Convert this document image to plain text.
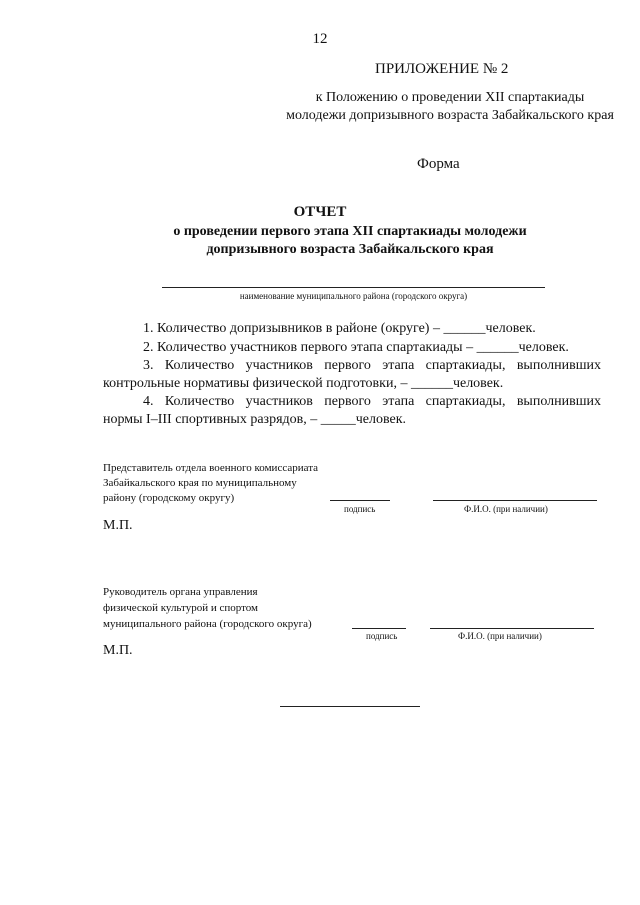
12
ПРИЛОЖЕНИЕ № 2
к Положению о проведении XII спартакиады молодежи допризывного возраста Забайкальского края
Форма
ОТЧЕТ
о проведении первого этапа XII спартакиады молодежи допризывного возраста Забайкальского края
наименование муниципального района (городского округа)
1. Количество допризывников в районе (округе) – ______человек.
2. Количество участников первого этапа спартакиады – ______человек.
3. Количество участников первого этапа спартакиады, выполнивших
контрольные нормативы физической подготовки, – ______человек.
4. Количество участников первого этапа спартакиады, выполнивших
нормы I–III спортивных разрядов, – _____человек.
Представитель отдела военного комиссариата
Забайкальского края по муниципальному
району (городскому округу)
подпись	Ф.И.О. (при наличии)
М.П.
Руководитель органа управления
физической культурой и спортом
муниципального района (городского округа)
подпись	Ф.И.О. (при наличии)
М.П.
